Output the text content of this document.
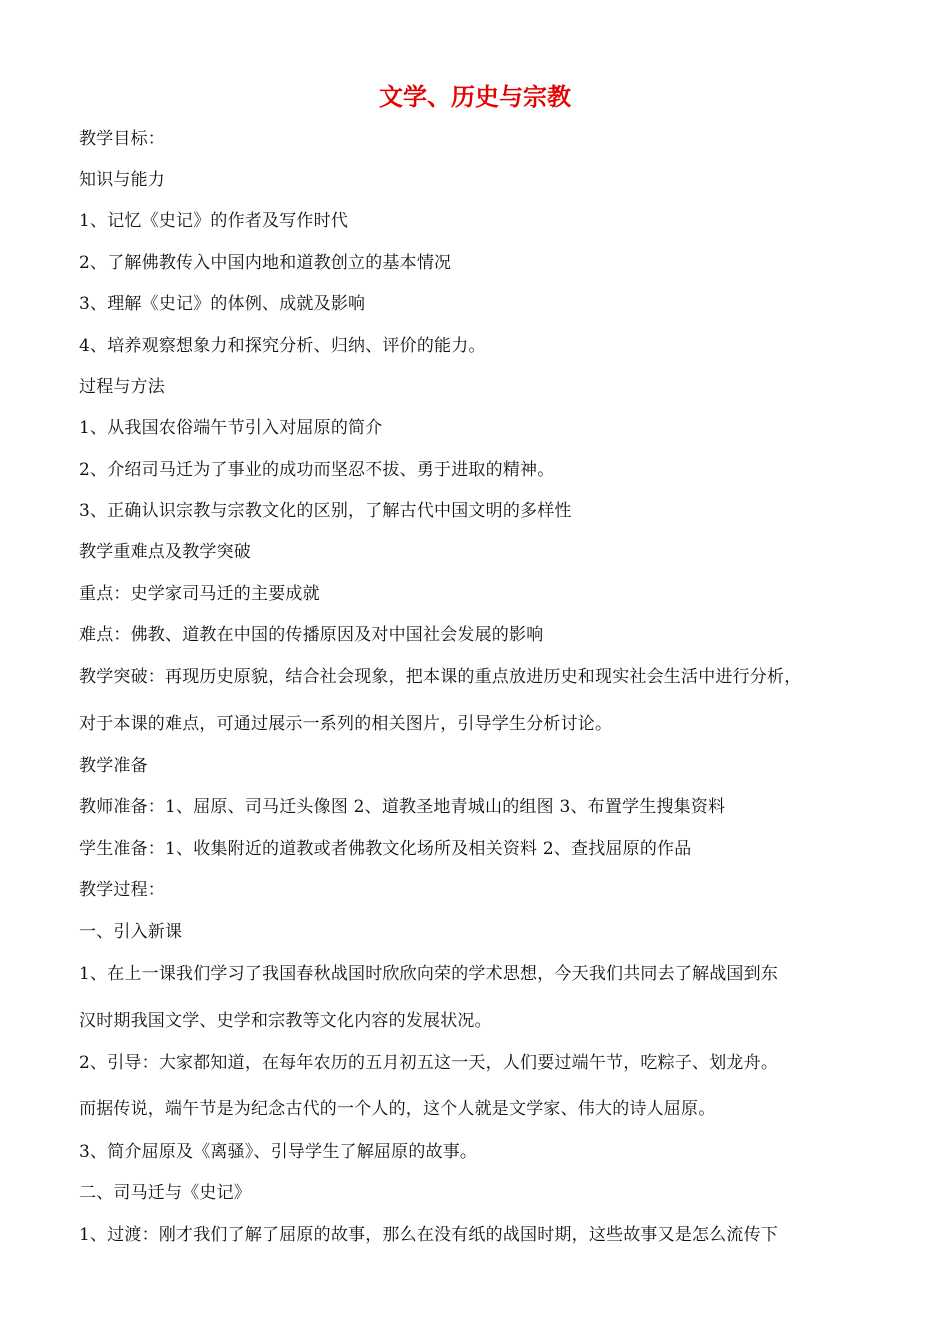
文学、历史与宗教
教学目标：
知识与能力
1、记忆《史记》的作者及写作时代
2、了解佛教传入中国内地和道教创立的基本情况
3、理解《史记》的体例、成就及影响
4、培养观察想象力和探究分析、归纳、评价的能力。
过程与方法
1、从我国农俗端午节引入对屈原的简介
2、介绍司马迁为了事业的成功而坚忍不拔、勇于进取的精神。
3、正确认识宗教与宗教文化的区别，了解古代中国文明的多样性
教学重难点及教学突破
重点：史学家司马迁的主要成就
难点：佛教、道教在中国的传播原因及对中国社会发展的影响
教学突破：再现历史原貌，结合社会现象，把本课的重点放进历史和现实社会生活中进行分析，
对于本课的难点，可通过展示一系列的相关图片，引导学生分析讨论。
教学准备
教师准备：1、屈原、司马迁头像图 2、道教圣地青城山的组图 3、布置学生搜集资料
学生准备：1、收集附近的道教或者佛教文化场所及相关资料 2、查找屈原的作品
教学过程：
一、引入新课
1、在上一课我们学习了我国春秋战国时欣欣向荣的学术思想，今天我们共同去了解战国到东
汉时期我国文学、史学和宗教等文化内容的发展状况。
2、引导：大家都知道，在每年农历的五月初五这一天，人们要过端午节，吃粽子、划龙舟。
而据传说，端午节是为纪念古代的一个人的，这个人就是文学家、伟大的诗人屈原。
3、简介屈原及《离骚》、引导学生了解屈原的故事。
二、司马迁与《史记》
1、过渡：刚才我们了解了屈原的故事，那么在没有纸的战国时期，这些故事又是怎么流传下
